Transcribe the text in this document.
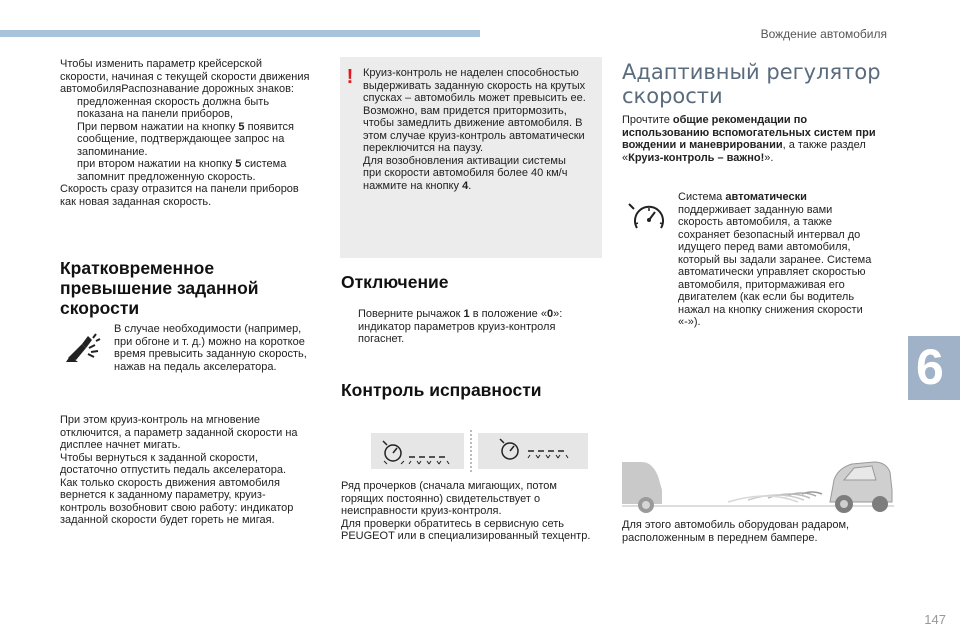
Вождение автомобиля
6
147
Чтобы изменить параметр крейсерской
скорости, начиная с текущей скорости движения
автомобиляРаспознавание дорожных знаков:
предложенная скорость должна быть
показана на панели приборов,
При первом нажатии на кнопку 5 появится
сообщение, подтверждающее запрос на
запоминание.
при втором нажатии на кнопку 5 система
запомнит предложенную скорость.
Скорость сразу отразится на панели приборов
как новая заданная скорость.
Кратковременное
превышение заданной
скорости
В случае необходимости (например,
при обгоне и т. д.) можно на короткое
время превысить заданную скорость,
нажав на педаль акселератора.
При этом круиз-контроль на мгновение
отключится, а параметр заданной скорости на
дисплее начнет мигать.
Чтобы вернуться к заданной скорости,
достаточно отпустить педаль акселератора.
Как только скорость движения автомобиля
вернется к заданному параметру, круиз-
контроль возобновит свою работу: индикатор
заданной скорости будет гореть не мигая.
! Круиз-контроль не наделен способностью
выдерживать заданную скорость на крутых
спусках – автомобиль может превысить ее.
Возможно, вам придется притормозить,
чтобы замедлить движение автомобиля. В
этом случае круиз-контроль автоматически
переключится на паузу.
Для возобновления активации системы
при скорости автомобиля более 40 км/ч
нажмите на кнопку 4.
Отключение
Поверните рычажок 1 в положение «0»:
индикатор параметров круиз-контроля
погаснет.
Контроль исправности
Ряд прочерков (сначала мигающих, потом
горящих постоянно) свидетельствует о
неисправности круиз-контроля.
Для проверки обратитесь в сервисную сеть
PEUGEOT или в специализированный техцентр.
Адаптивный регулятор
скорости
Прочтите общие рекомендации по
использованию вспомогательных систем при
вождении и маневрировании, а также раздел
«Круиз-контроль – важно!».
Система автоматически
поддерживает заданную вами
скорость автомобиля, а также
сохраняет безопасный интервал до
идущего перед вами автомобиля,
который вы задали заранее. Система
автоматически управляет скоростью
автомобиля, притормаживая его
двигателем (как если бы водитель
нажал на кнопку снижения скорости
«-»).
Для этого автомобиль оборудован радаром,
расположенным в переднем бампере.
